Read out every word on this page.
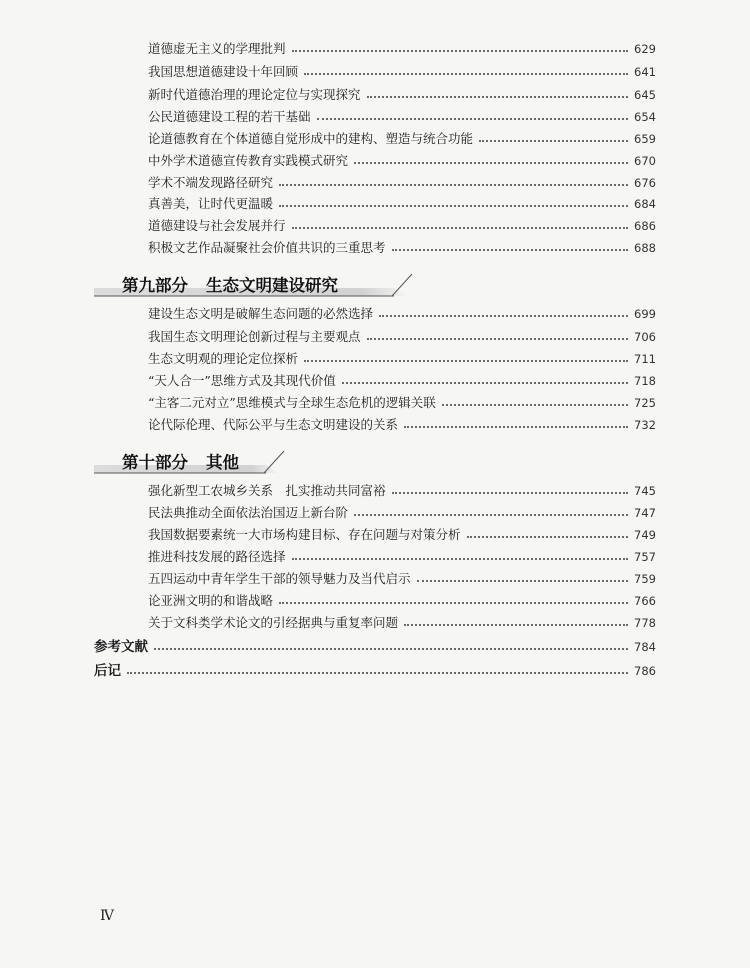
道德虚无主义的学理批判	629
我国思想道德建设十年回顾	641
新时代道德治理的理论定位与实现探究	645
公民道德建设工程的若干基础	654
论道德教育在个体道德自觉形成中的建构、塑造与统合功能	659
中外学术道德宣传教育实践模式研究	670
学术不端发现路径研究	676
真善美，让时代更温暖	684
道德建设与社会发展并行	686
积极文艺作品凝聚社会价值共识的三重思考	688
第九部分 生态文明建设研究
建设生态文明是破解生态问题的必然选择	699
我国生态文明理论创新过程与主要观点	706
生态文明观的理论定位探析	711
“天人合一”思维方式及其现代价值	718
“主客二元对立”思维模式与全球生态危机的逻辑关联	725
论代际伦理、代际公平与生态文明建设的关系	732
第十部分 其他
强化新型工农城乡关系　扎实推动共同富裕	745
民法典推动全面依法治国迈上新台阶	747
我国数据要素统一大市场构建目标、存在问题与对策分析	749
推进科技发展的路径选择	757
五四运动中青年学生干部的领导魅力及当代启示	759
论亚洲文明的和谐战略	766
关于文科类学术论文的引经据典与重复率问题	778
参考文献	784
后记	786
Ⅳ
